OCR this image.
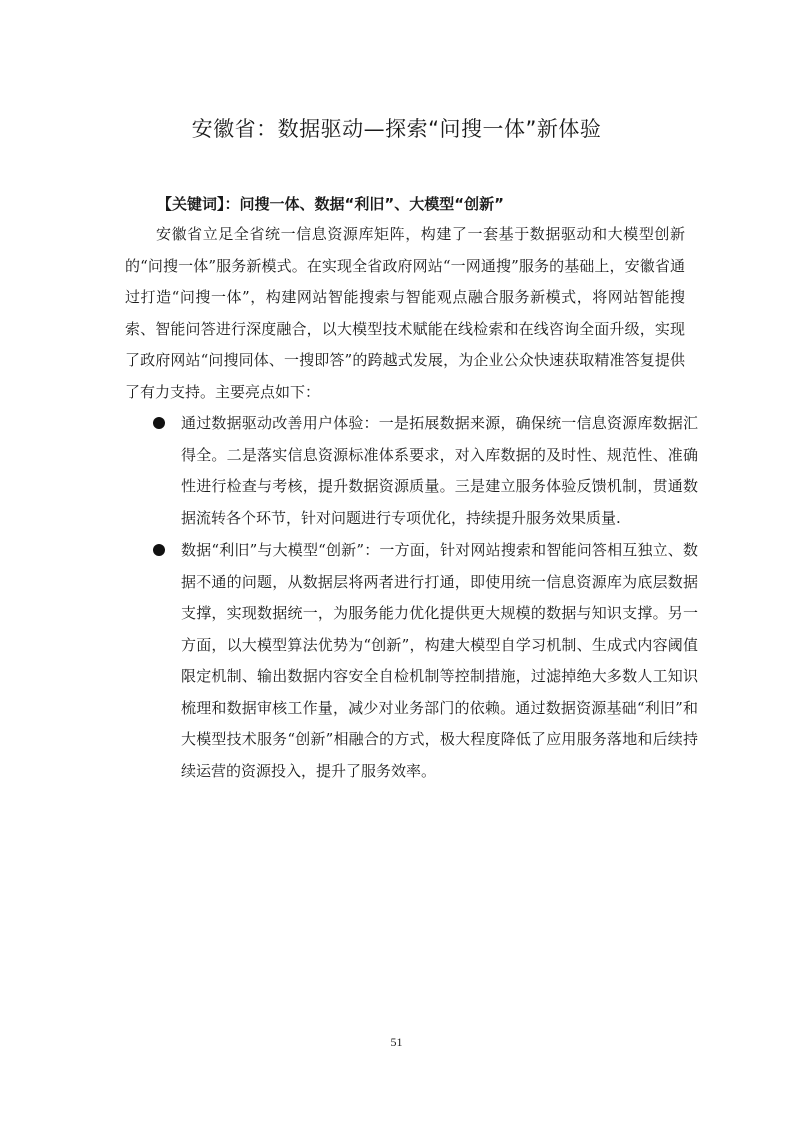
安徽省：数据驱动—探索“问搜一体”新体验

【关键词】：问搜一体、数据“利旧”、大模型“创新”

安徽省立足全省统一信息资源库矩阵，构建了一套基于数据驱动和大模型创新的“问搜一体”服务新模式。在实现全省政府网站“一网通搜”服务的基础上，安徽省通过打造“问搜一体”，构建网站智能搜索与智能观点融合服务新模式，将网站智能搜索、智能问答进行深度融合，以大模型技术赋能在线检索和在线咨询全面升级，实现了政府网站“问搜同体、一搜即答”的跨越式发展，为企业公众快速获取精准答复提供了有力支持。主要亮点如下：

通过数据驱动改善用户体验：一是拓展数据来源，确保统一信息资源库数据汇得全。二是落实信息资源标准体系要求，对入库数据的及时性、规范性、准确性进行检查与考核，提升数据资源质量。三是建立服务体验反馈机制，贯通数据流转各个环节，针对问题进行专项优化，持续提升服务效果质量.
数据“利旧”与大模型“创新”：一方面，针对网站搜索和智能问答相互独立、数据不通的问题，从数据层将两者进行打通，即使用统一信息资源库为底层数据支撑，实现数据统一，为服务能力优化提供更大规模的数据与知识支撑。另一方面，以大模型算法优势为“创新”，构建大模型自学习机制、生成式内容阈值限定机制、输出数据内容安全自检机制等控制措施，过滤掉绝大多数人工知识梳理和数据审核工作量，减少对业务部门的依赖。通过数据资源基础“利旧”和大模型技术服务“创新”相融合的方式，极大程度降低了应用服务落地和后续持续运营的资源投入，提升了服务效率。
51
